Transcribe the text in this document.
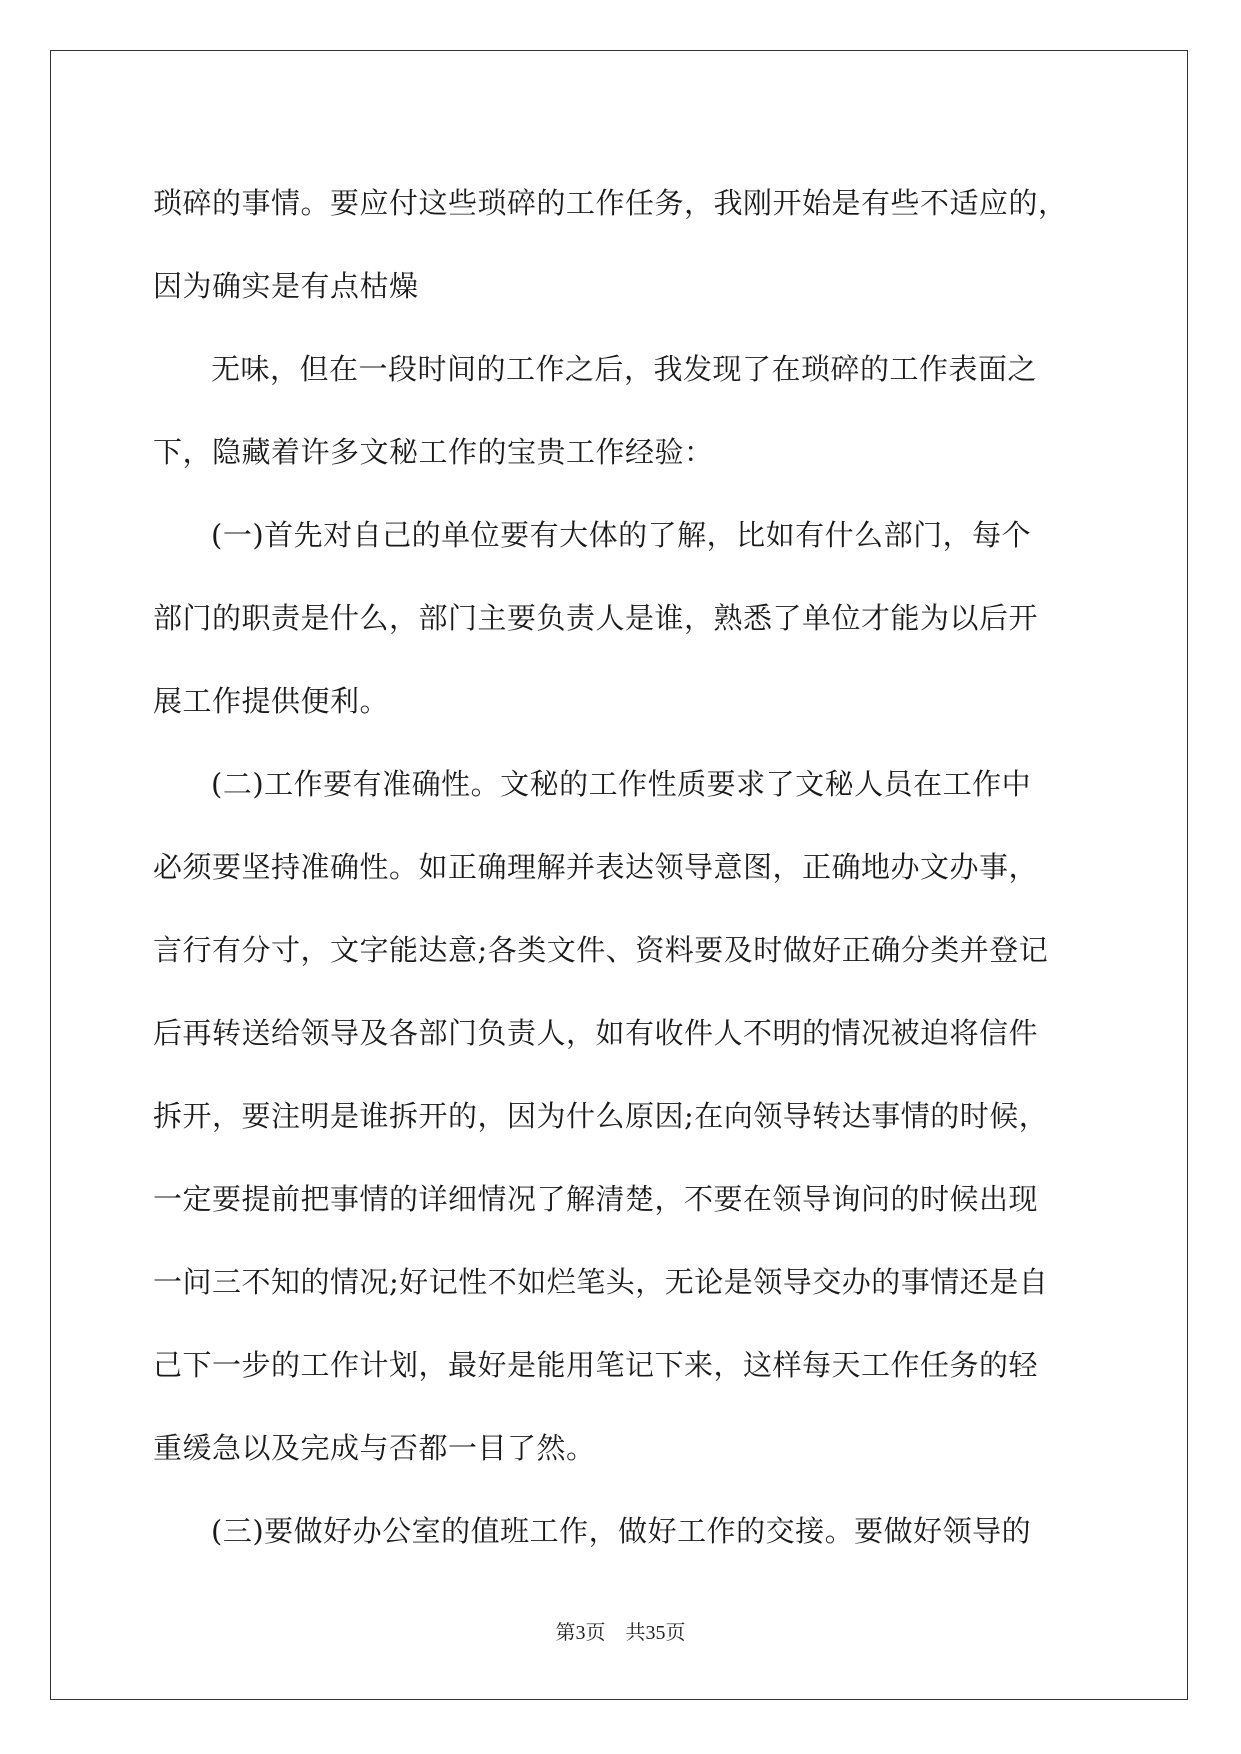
琐碎的事情。要应付这些琐碎的工作任务，我刚开始是有些不适应的，
因为确实是有点枯燥
无味，但在一段时间的工作之后，我发现了在琐碎的工作表面之
下，隐藏着许多文秘工作的宝贵工作经验：
(一)首先对自己的单位要有大体的了解，比如有什么部门，每个
部门的职责是什么，部门主要负责人是谁，熟悉了单位才能为以后开
展工作提供便利。
(二)工作要有准确性。文秘的工作性质要求了文秘人员在工作中
必须要坚持准确性。如正确理解并表达领导意图，正确地办文办事，
言行有分寸，文字能达意;各类文件、资料要及时做好正确分类并登记
后再转送给领导及各部门负责人，如有收件人不明的情况被迫将信件
拆开，要注明是谁拆开的，因为什么原因;在向领导转达事情的时候，
一定要提前把事情的详细情况了解清楚，不要在领导询问的时候出现
一问三不知的情况;好记性不如烂笔头，无论是领导交办的事情还是自
己下一步的工作计划，最好是能用笔记下来，这样每天工作任务的轻
重缓急以及完成与否都一目了然。
(三)要做好办公室的值班工作，做好工作的交接。要做好领导的
第3页　共35页
